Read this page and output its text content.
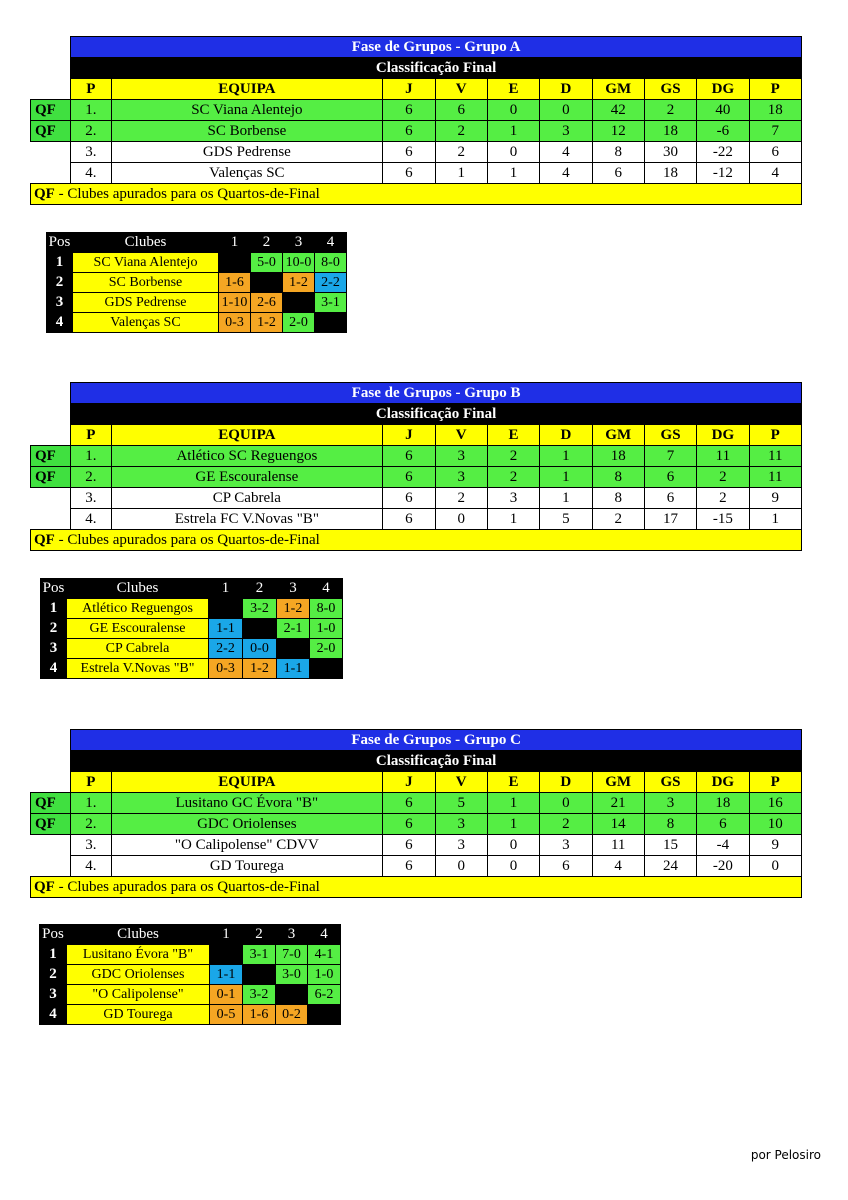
	Fase de Grupos - Grupo A									
	Classificação Final									
	P	EQUIPA	J	V	E	D	GM	GS	DG	P
QF	1.	SC Viana Alentejo	6	6	0	0	42	2	40	18
QF	2.	SC Borbense	6	2	1	3	12	18	-6	7
	3.	GDS Pedrense	6	2	0	4	8	30	-22	6
	4.	Valenças SC	6	1	1	4	6	18	-12	4
QF - Clubes apurados para os Quartos-de-Final										
Pos	Clubes	1	2	3	4
1	SC Viana Alentejo		5-0	10-0	8-0
2	SC Borbense	1-6		1-2	2-2
3	GDS Pedrense	1-10	2-6		3-1
4	Valenças SC	0-3	1-2	2-0	
	Fase de Grupos - Grupo B									
	Classificação Final									
	P	EQUIPA	J	V	E	D	GM	GS	DG	P
QF	1.	Atlético SC Reguengos	6	3	2	1	18	7	11	11
QF	2.	GE Escouralense	6	3	2	1	8	6	2	11
	3.	CP Cabrela	6	2	3	1	8	6	2	9
	4.	Estrela FC V.Novas "B"	6	0	1	5	2	17	-15	1
QF - Clubes apurados para os Quartos-de-Final										
Pos	Clubes	1	2	3	4
1	Atlético Reguengos		3-2	1-2	8-0
2	GE Escouralense	1-1		2-1	1-0
3	CP Cabrela	2-2	0-0		2-0
4	Estrela V.Novas "B"	0-3	1-2	1-1	
	Fase de Grupos - Grupo C									
	Classificação Final									
	P	EQUIPA	J	V	E	D	GM	GS	DG	P
QF	1.	Lusitano GC Évora "B"	6	5	1	0	21	3	18	16
QF	2.	GDC Oriolenses	6	3	1	2	14	8	6	10
	3.	"O Calipolense" CDVV	6	3	0	3	11	15	-4	9
	4.	GD Tourega	6	0	0	6	4	24	-20	0
QF - Clubes apurados para os Quartos-de-Final										
Pos	Clubes	1	2	3	4
1	Lusitano Évora "B"		3-1	7-0	4-1
2	GDC Oriolenses	1-1		3-0	1-0
3	"O Calipolense"	0-1	3-2		6-2
4	GD Tourega	0-5	1-6	0-2	
por Pelosiro
